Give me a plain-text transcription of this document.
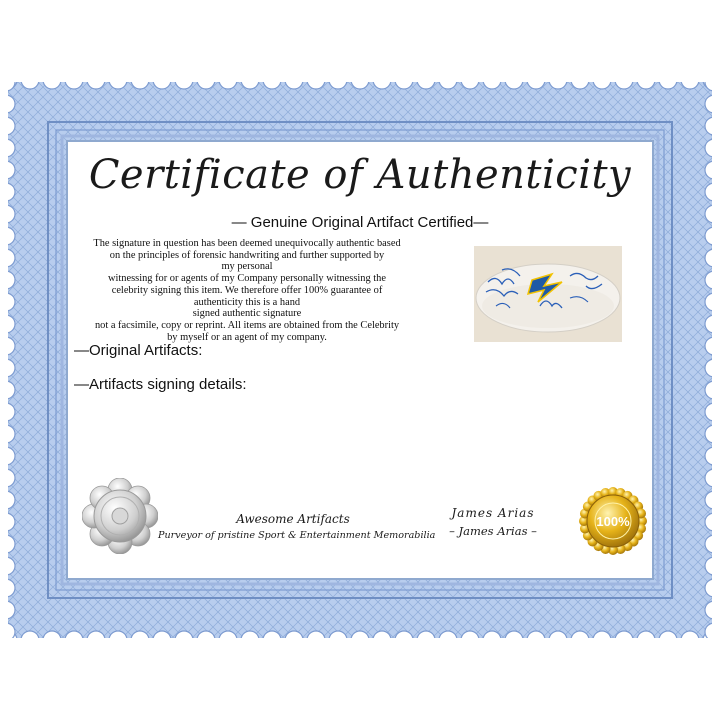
Certificate of Authenticity
— Genuine Original Artifact Certified—
The signature in question has been deemed unequivocally authentic based
on the principles of forensic handwriting and further supported by
my personal
witnessing for or agents of my Company personally witnessing the
celebrity signing this item. We therefore offer 100% guarantee of
authenticity this is a hand
signed authentic signature
not a facsimile, copy or reprint. All items are obtained from the Celebrity
by myself or an agent of my company.
—Original Artifacts:
—Artifacts signing details:
Awesome Artifacts
Purveyor of pristine Sport & Entertainment Memorabilia
James Arias
– James Arias –
100%
